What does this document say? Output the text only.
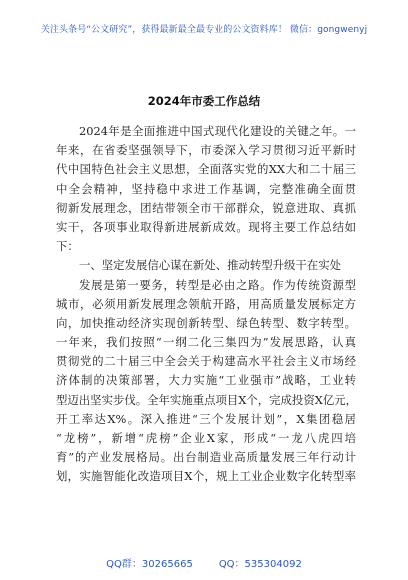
关注头条号“公文研究”，获得最新最全最专业的公文资料库！ 微信：gongwenyj
2024年市委工作总结
2024年是全面推进中国式现代化建设的关键之年。一
年来，在省委坚强领导下，市委深入学习贯彻习近平新时
代中国特色社会主义思想，全面落实党的XX大和二十届三
中全会精神，坚持稳中求进工作基调，完整准确全面贯
彻新发展理念，团结带领全市干部群众，锐意进取、真抓
实干，各项事业取得新进展新成效。现将主要工作总结如
下：
一、坚定发展信心谋在新处、推动转型升级干在实处
发展是第一要务，转型是必由之路。作为传统资源型
城市，必须用新发展理念领航开路，用高质量发展标定方
向，加快推动经济实现创新转型、绿色转型、数字转型。
一年来，我们按照“一纲二化三集四为”发展思路，认真
贯彻党的二十届三中全会关于构建高水平社会主义市场经
济体制的决策部署，大力实施“工业强市”战略，工业转
型迈出坚实步伐。全年实施重点项目X个，完成投资X亿元，
开工率达X%。深入推进“三个发展计划”，X集团稳居
“龙榜”，新增“虎榜”企业X家，形成“一龙八虎四培
育”的产业发展格局。出台制造业高质量发展三年行动计
划，实施智能化改造项目X个，规上工业企业数字化转型率
QQ群：30265665	QQ：535304092
